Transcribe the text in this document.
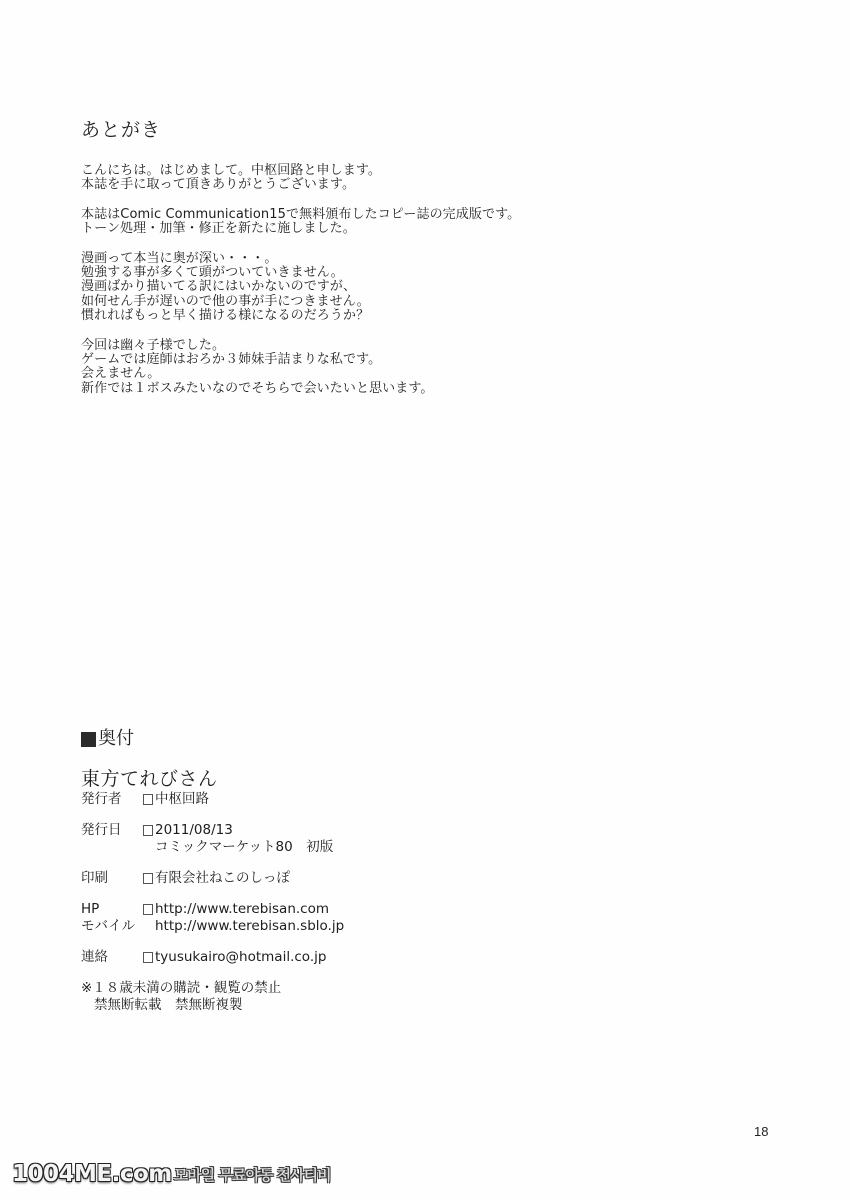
あとがき

こんにちは。はじめまして。中枢回路と申します。
本誌を手に取って頂きありがとうございます。

本誌はComic Communication15で無料頒布したコピー誌の完成版です。
トーン処理・加筆・修正を新たに施しました。

漫画って本当に奥が深い・・・。
勉強する事が多くて頭がついていきません。
漫画ばかり描いてる訳にはいかないのですが、
如何せん手が遅いので他の事が手につきません。
慣れればもっと早く描ける様になるのだろうか？

今回は幽々子様でした。
ゲームでは庭師はおろか３姉妹手詰まりな私です。
会えません。
新作では１ボスみたいなのでそちらで会いたいと思います。

奥付
東方てれびさん
発行者	中枢回路
発行日	2011/08/13
コミックマーケット80　初版
印刷	有限会社ねこのしっぽ
HP	http://www.terebisan.com
モバイル	http://www.terebisan.sblo.jp
連絡	tyusukairo@hotmail.co.jp
※１８歳未満の購読・観覧の禁止
禁無断転載　禁無断複製
18
1004ME.com 모바일 무료야동 천사티비
